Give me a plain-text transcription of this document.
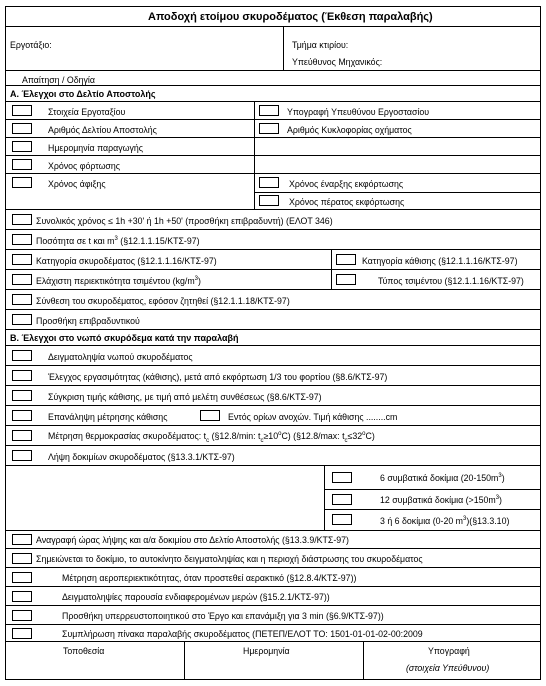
Αποδοχή ετοίμου σκυροδέματος (Έκθεση παραλαβής)
Εργοτάξιο:	Τμήμα κτιρίου:
Υπεύθυνος Μηχανικός:
Απαίτηση / Οδηγία
Α. Έλεγχοι στο Δελτίο Αποστολής
Στοιχεία Εργοταξίου	Υπογραφή Υπευθύνου Εργοστασίου
Αριθμός Δελτίου Αποστολής	Αριθμός Κυκλοφορίας οχήματος
Ημερομηνία παραγωγής
Χρόνος φόρτωσης
Χρόνος άφιξης	Χρόνος έναρξης εκφόρτωσης
Χρόνος πέρατος εκφόρτωσης
Συνολικός χρόνος ≤ 1h +30' ή 1h +50' (προσθήκη επιβραδυντή) (ΕΛΟΤ 346)
Ποσότητα σε t και $m^3$ (§12.1.1.15/ΚΤΣ-97)
Κατηγορία σκυροδέματος (§12.1.1.16/ΚΤΣ-97)	Κατηγορία κάθισης (§12.1.1.16/ΚΤΣ-97)
Ελάχιστη περιεκτικότητα τσιμέντου $(kg/m^3)$	Τύπος τσιμέντου (§12.1.1.16/ΚΤΣ-97)
Σύνθεση του σκυροδέματος, εφόσον ζητηθεί (§12.1.1.18/ΚΤΣ-97)
Προσθήκη επιβραδυντικού
Β. Έλεγχοι στο νωπό σκυρόδεμα κατά την παραλαβή
Δειγματοληψία νωπού σκυροδέματος
Έλεγχος εργασιμότητας (κάθισης), μετά από εκφόρτωση 1/3 του φορτίου (§8.6/ΚΤΣ-97)
Σύγκριση τιμής κάθισης, με τιμή από μελέτη συνθέσεως (§8.6/ΚΤΣ-97)
Επανάληψη μέτρησης κάθισης	Εντός ορίων ανοχών. Τιμή κάθισης ........cm
Μέτρηση θερμοκρασίας σκυροδέματος: $t_c$ (§12.8/min: $t_c\ge 10^oC$) (§12.8/max: $t_c\le 32^oC$)
Λήψη δοκιμίων σκυροδέματος (§13.3.1/ΚΤΣ-97)
6 συμβατικά δοκίμια $(20-150m^3)$
12 συμβατικά δοκίμια $(>150m^3)$
3 ή 6 δοκίμια (0-20 $m^3)(\S 13.3.10)$
Αναγραφή ώρας λήψης και α/α δοκιμίου στο Δελτίο Αποστολής (§13.3.9/ΚΤΣ-97)
Σημειώνεται το δοκίμιο, το αυτοκίνητο δειγματοληψίας και η περιοχή διάστρωσης του σκυροδέματος
Μέτρηση αεροπεριεκτικότητας, όταν προστεθεί αερακτικό (§12.8.4/ΚΤΣ-97))
Δειγματοληψίες παρουσία ενδιαφερομένων μερών (§15.2.1/ΚΤΣ-97))
Προσθήκη υπερρευστοποιητικού στο Έργο και επανάμιξη για 3 min (§6.9/ΚΤΣ-97))
Συμπλήρωση πίνακα παραλαβής σκυροδέματος (ΠΕΤΕΠ/ΕΛΟΤ ΤΟ: 1501-01-01-02-00:2009
Τοποθεσία	Ημερομηνία	Υπογραφή
(στοιχεία Υπεύθυνου)
